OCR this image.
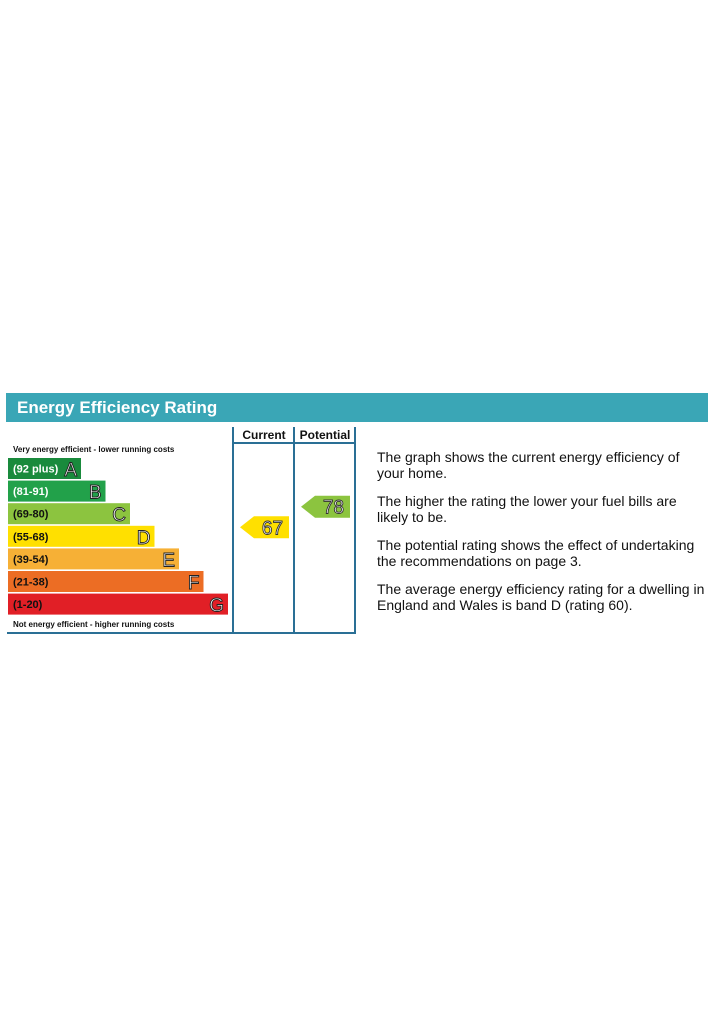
Energy Efficiency Rating
Current Potential
Very energy efficient - lower running costs
Not energy efficient - higher running costs
(92 plus) A
(81-91) B
(69-80)	C
(55-68)	D
(39-54)	E
(21-38)	F
(1-20)	G
67
78

The graph shows the current energy efficiency of your home.

The higher the rating the lower your fuel bills are likely to be.

The potential rating shows the effect of undertaking the recommendations on page 3.

The average energy efficiency rating for a dwelling in England and Wales is band D (rating 60).
